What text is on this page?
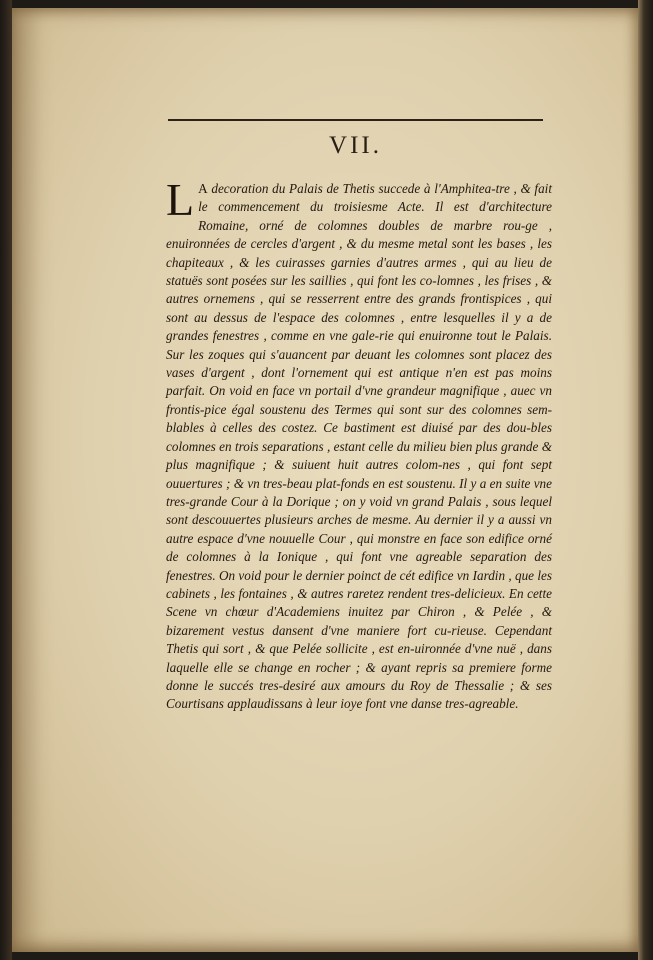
VII.
L A decoration du Palais de Thetis succede à l'Amphitea-tre , & fait le commencement du troisiesme Acte. Il est d'architecture Romaine, orné de colomnes doubles de marbre rou-ge , enuironnées de cercles d'argent , & du mesme metal sont les bases , les chapiteaux , & les cuirasses garnies d'autres armes , qui au lieu de statuës sont posées sur les saillies , qui font les co-lomnes , les frises , & autres ornemens , qui se resserrent entre des grands frontispices , qui sont au dessus de l'espace des colomnes , entre lesquelles il y a de grandes fenestres , comme en vne gale-rie qui enuironne tout le Palais. Sur les zoques qui s'auancent par deuant les colomnes sont placez des vases d'argent , dont l'ornement qui est antique n'en est pas moins parfait. On void en face vn portail d'vne grandeur magnifique , auec vn frontis-pice égal soustenu des Termes qui sont sur des colomnes sem-blables à celles des costez. Ce bastiment est diuisé par des dou-bles colomnes en trois separations , estant celle du milieu bien plus grande & plus magnifique ; & suiuent huit autres colom-nes , qui font sept ouuertures ; & vn tres-beau plat-fonds en est soustenu. Il y a en suite vne tres-grande Cour à la Dorique ; on y void vn grand Palais , sous lequel sont descouuertes plusieurs arches de mesme. Au dernier il y a aussi vn autre espace d'vne nouuelle Cour , qui monstre en face son edifice orné de colomnes à la Ionique , qui font vne agreable separation des fenestres. On void pour le dernier poinct de cét edifice vn Iardin , que les cabinets , les fontaines , & autres raretez rendent tres-delicieux. En cette Scene vn chœur d'Academiens inuitez par Chiron , & Pelée , & bizarement vestus dansent d'vne maniere fort cu-rieuse. Cependant Thetis qui sort , & que Pelée sollicite , est en-uironnée d'vne nuë , dans laquelle elle se change en rocher ; & ayant repris sa premiere forme donne le succés tres-desiré aux amours du Roy de Thessalie ; & ses Courtisans applaudissans à leur ioye font vne danse tres-agreable.
